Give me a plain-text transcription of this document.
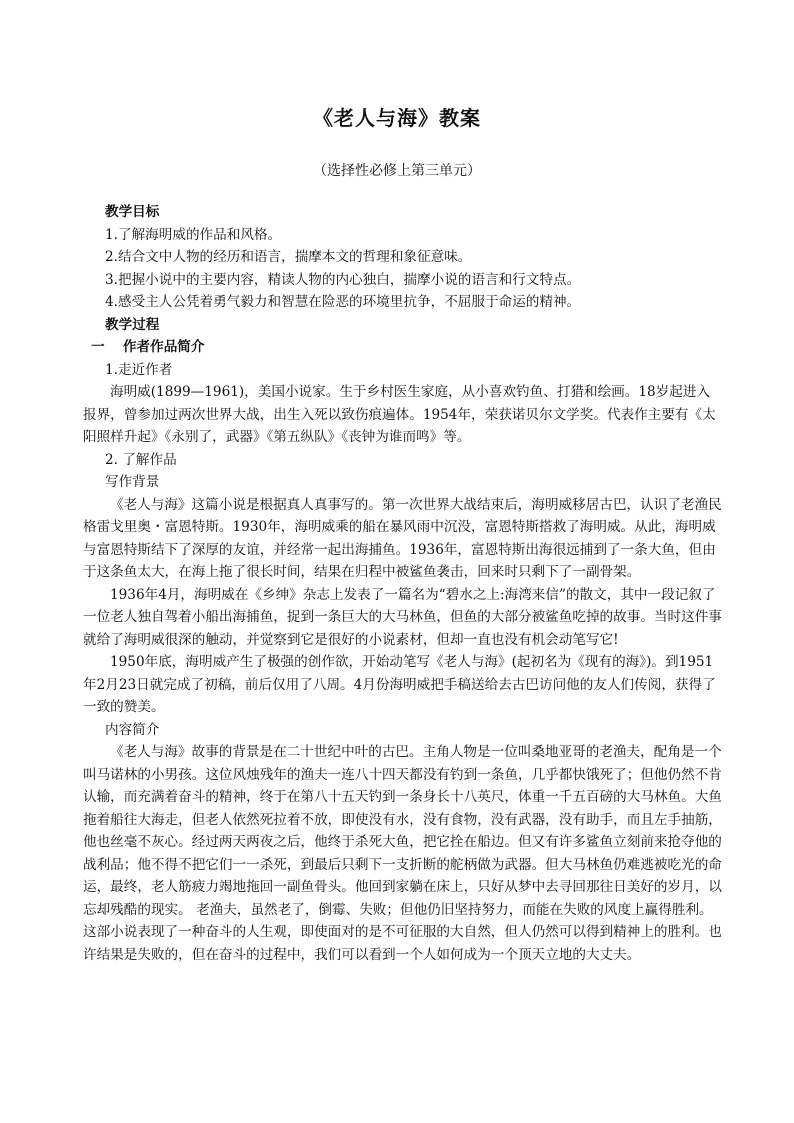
《老人与海》教案
（选择性必修上第三单元）

教学目标

1.了解海明威的作品和风格。

2.结合文中人物的经历和语言，揣摩本文的哲理和象征意味。

3.把握小说中的主要内容，精读人物的内心独白，揣摩小说的语言和行文特点。

4.感受主人公凭着勇气毅力和智慧在险恶的环境里抗争，不屈服于命运的精神。

教学过程

一　 作者作品简介

1.走近作者

海明威(1899—1961)，美国小说家。生于乡村医生家庭，从小喜欢钓鱼、打猎和绘画。18岁起进入报界，曾参加过两次世界大战，出生入死以致伤痕遍体。1954年，荣获诺贝尔文学奖。代表作主要有《太阳照样升起》《永别了，武器》《第五纵队》《丧钟为谁而鸣》等。

2. 了解作品

写作背景

《老人与海》这篇小说是根据真人真事写的。第一次世界大战结束后，海明威移居古巴，认识了老渔民格雷戈里奥・富恩特斯。1930年，海明威乘的船在暴风雨中沉没，富恩特斯搭救了海明威。从此，海明威与富恩特斯结下了深厚的友谊，并经常一起出海捕鱼。1936年，富恩特斯出海很远捕到了一条大鱼，但由于这条鱼太大，在海上拖了很长时间，结果在归程中被鲨鱼袭击，回来时只剩下了一副骨架。

1936年4月，海明威在《乡绅》杂志上发表了一篇名为“碧水之上:海湾来信”的散文，其中一段记叙了一位老人独自驾着小船出海捕鱼，捉到一条巨大的大马林鱼，但鱼的大部分被鲨鱼吃掉的故事。当时这件事就给了海明威很深的触动，并觉察到它是很好的小说素材，但却一直也没有机会动笔写它!

1950年底，海明威产生了极强的创作欲，开始动笔写《老人与海》(起初名为《现有的海》)。到1951年2月23日就完成了初稿，前后仅用了八周。4月份海明威把手稿送给去古巴访问他的友人们传阅，获得了一致的赞美。

内容简介

《老人与海》故事的背景是在二十世纪中叶的古巴。主角人物是一位叫桑地亚哥的老渔夫，配角是一个叫马诺林的小男孩。这位风烛残年的渔夫一连八十四天都没有钓到一条鱼，几乎都快饿死了；但他仍然不肯认输，而充满着奋斗的精神，终于在第八十五天钓到一条身长十八英尺，体重一千五百磅的大马林鱼。大鱼拖着船往大海走，但老人依然死拉着不放，即使没有水，没有食物，没有武器，没有助手，而且左手抽筋，他也丝毫不灰心。经过两天两夜之后，他终于杀死大鱼，把它拴在船边。但又有许多鲨鱼立刻前来抢夺他的战利品；他不得不把它们一一杀死，到最后只剩下一支折断的舵柄做为武器。但大马林鱼仍难逃被吃光的命运，最终，老人筋疲力竭地拖回一副鱼骨头。他回到家躺在床上，只好从梦中去寻回那往日美好的岁月，以忘却残酷的现实。 老渔夫，虽然老了，倒霉、失败；但他仍旧坚持努力，而能在失败的风度上赢得胜利。这部小说表现了一种奋斗的人生观，即使面对的是不可征服的大自然，但人仍然可以得到精神上的胜利。也许结果是失败的，但在奋斗的过程中，我们可以看到一个人如何成为一个顶天立地的大丈夫。
